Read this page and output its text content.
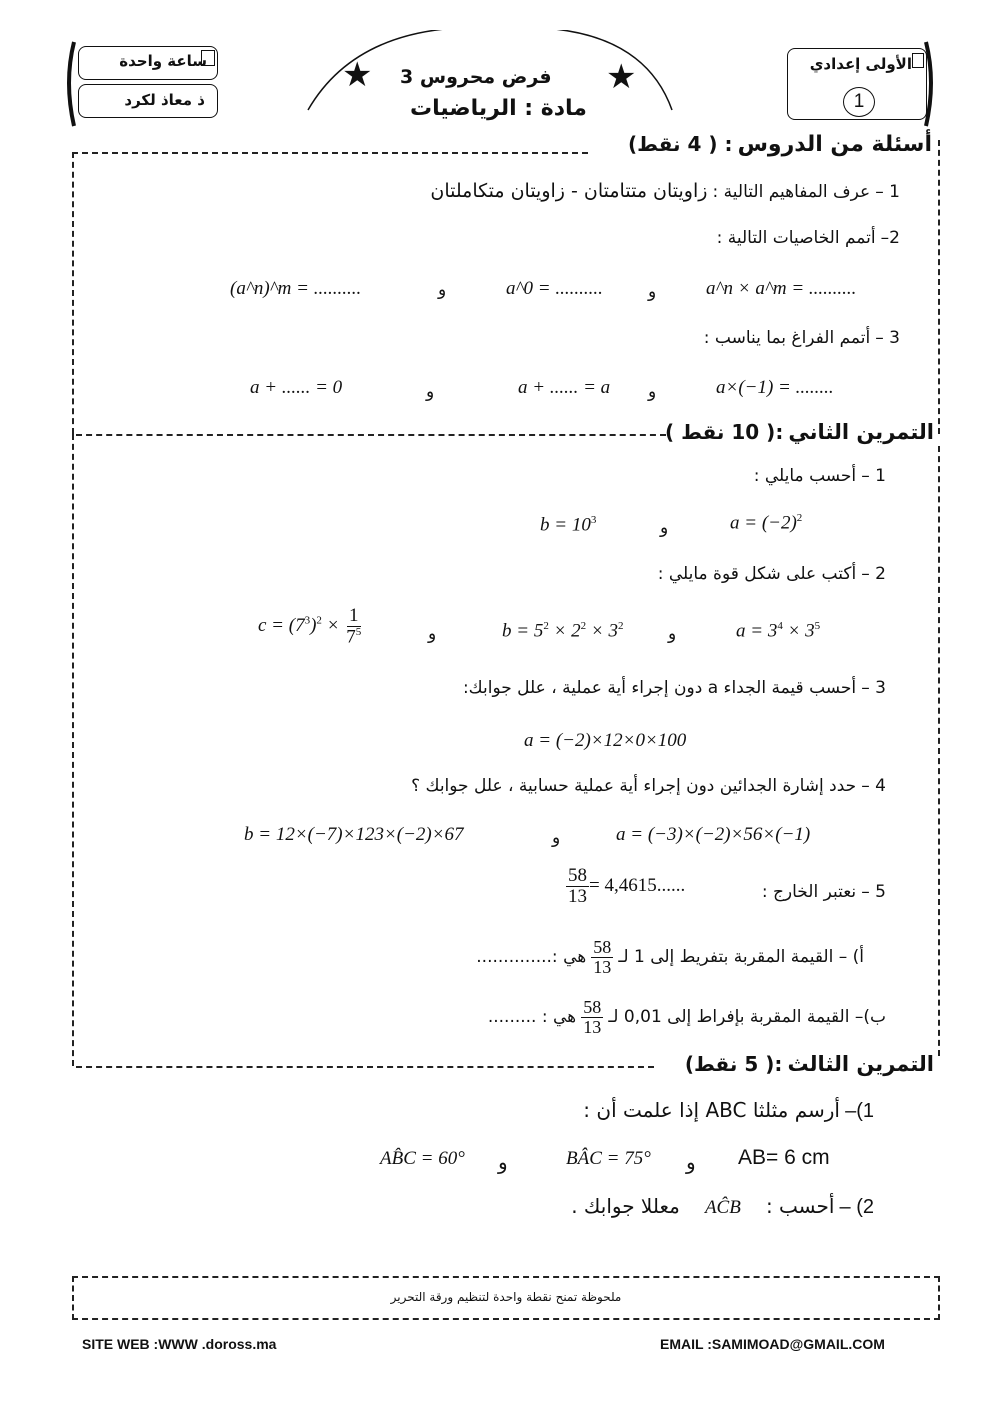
ساعة واحدة
ذ معاذ لكرد
★	★
فرض محروس 3
مادة : الرياضيات
الأولى إعدادي
1
أسئلة من الدروس : ( 4 نقط)
1 – عرف المفاهيم التالية : زاويتان متتامتان - زاويتان متكاملتان
2– أتمم الخاصيات التالية :
(a^n)^m = ..........	و	a^0 = ..........	و	a^n × a^m = ..........
3 – أتمم الفراغ بما يناسب :
a + ...... = 0	و	a + ...... = a و	a×(−1) = ........
التمرين الثاني :( 10 نقط )
1 – أحسب مايلي :
$b = 10^3$	و	$a = (-2)^2$
2 – أكتب على شكل قوة مايلي :
$c = (7^3)^2 \times \frac{1}{7^5}$	و	$b = 5^2 \times 2^2 \times 3^2$	و	$a = 3^4 \times 3^5$
3 – أحسب قيمة الجداء a دون إجراء أية عملية ، علل جوابك:
a = (−2)×12×0×100
4 – حدد إشارة الجدائين دون إجراء أية عملية حسابية ، علل جوابك ؟
b = 12×(−7)×123×(−2)×67	و	a = (−3)×(−2)×56×(−1)
5 – نعتبر الخارج :
$\frac{58}{13} = 4,4615$......
أ) – القيمة المقربة بتفريط إلى 1 لـ
$\frac{58}{13}$
هي :..............
ب)– القيمة المقربة بإفراط إلى 0,01 لـ
$\frac{58}{13}$
هي : .........
التمرين الثالث :( 5 نقط)
1)– أرسم مثلثا ABC إذا علمت أن :
AB̂C = 60° و	BÂC = 75° و AB= 6 cm
2) – أحسب : AĈB معللا جوابك .
ملحوظة تمنح نقطة واحدة لتنظيم ورقة التحرير
SITE WEB :WWW .doross.ma	EMAIL :SAMIMOAD@GMAIL.COM
